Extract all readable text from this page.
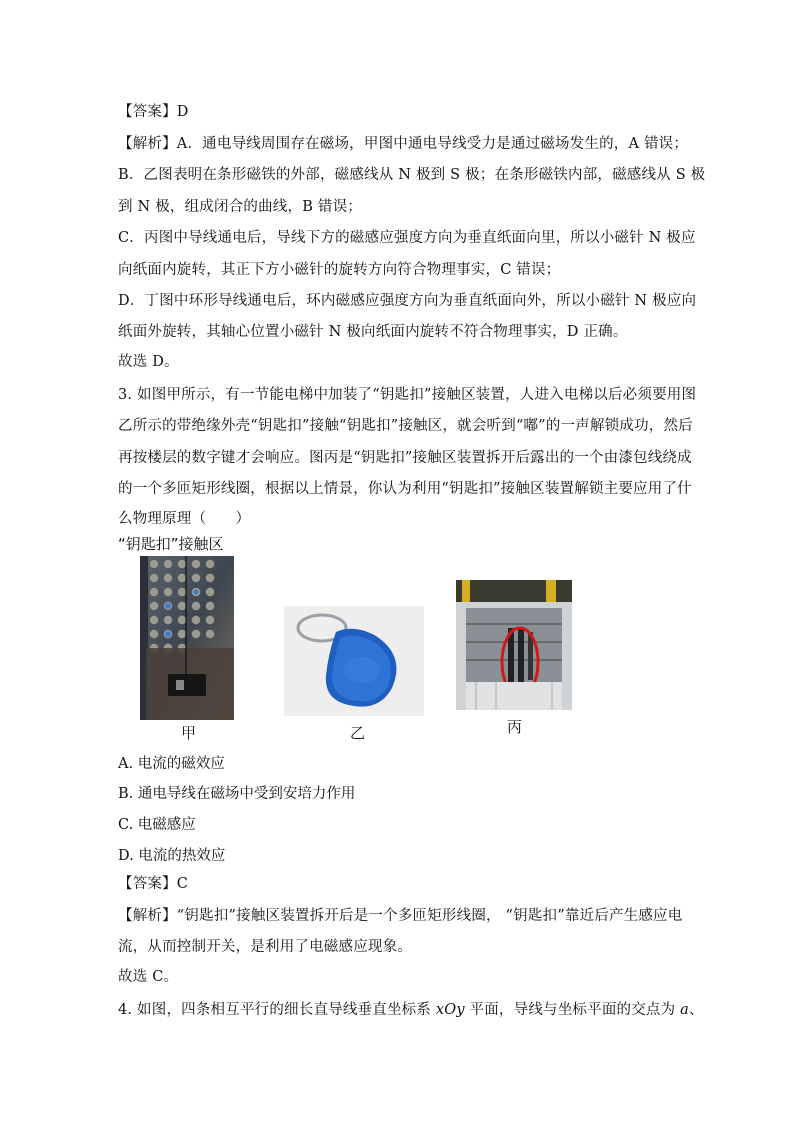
【答案】D
【解析】A．通电导线周围存在磁场，甲图中通电导线受力是通过磁场发生的，A 错误；
B．乙图表明在条形磁铁的外部，磁感线从 N 极到 S 极；在条形磁铁内部，磁感线从 S 极
到 N 极，组成闭合的曲线，B 错误；
C．丙图中导线通电后，导线下方的磁感应强度方向为垂直纸面向里，所以小磁针 N 极应
向纸面内旋转，其正下方小磁针的旋转方向符合物理事实，C 错误；
D．丁图中环形导线通电后，环内磁感应强度方向为垂直纸面向外，所以小磁针 N 极应向
纸面外旋转，其轴心位置小磁针 N 极向纸面内旋转不符合物理事实，D 正确。
故选 D。
3. 如图甲所示，有一节能电梯中加装了“钥匙扣”接触区装置，人进入电梯以后必须要用图
乙所示的带绝缘外壳“钥匙扣”接触“钥匙扣”接触区，就会听到“嘟”的一声解锁成功，然后
再按楼层的数字键才会响应。图丙是“钥匙扣”接触区装置拆开后露出的一个由漆包线绕成
的一个多匝矩形线圈，根据以上情景，你认为利用“钥匙扣”接触区装置解锁主要应用了什
么物理原理（　　）
“钥匙扣”接触区
甲	乙	丙
A. 电流的磁效应
B. 通电导线在磁场中受到安培力作用
C. 电磁感应
D. 电流的热效应
【答案】C
【解析】“钥匙扣”接触区装置拆开后是一个多匝矩形线圈， “钥匙扣”靠近后产生感应电
流，从而控制开关，是利用了电磁感应现象。
故选 C。
4. 如图，四条相互平行的细长直导线垂直坐标系 xOy 平面，导线与坐标平面的交点为 a、
